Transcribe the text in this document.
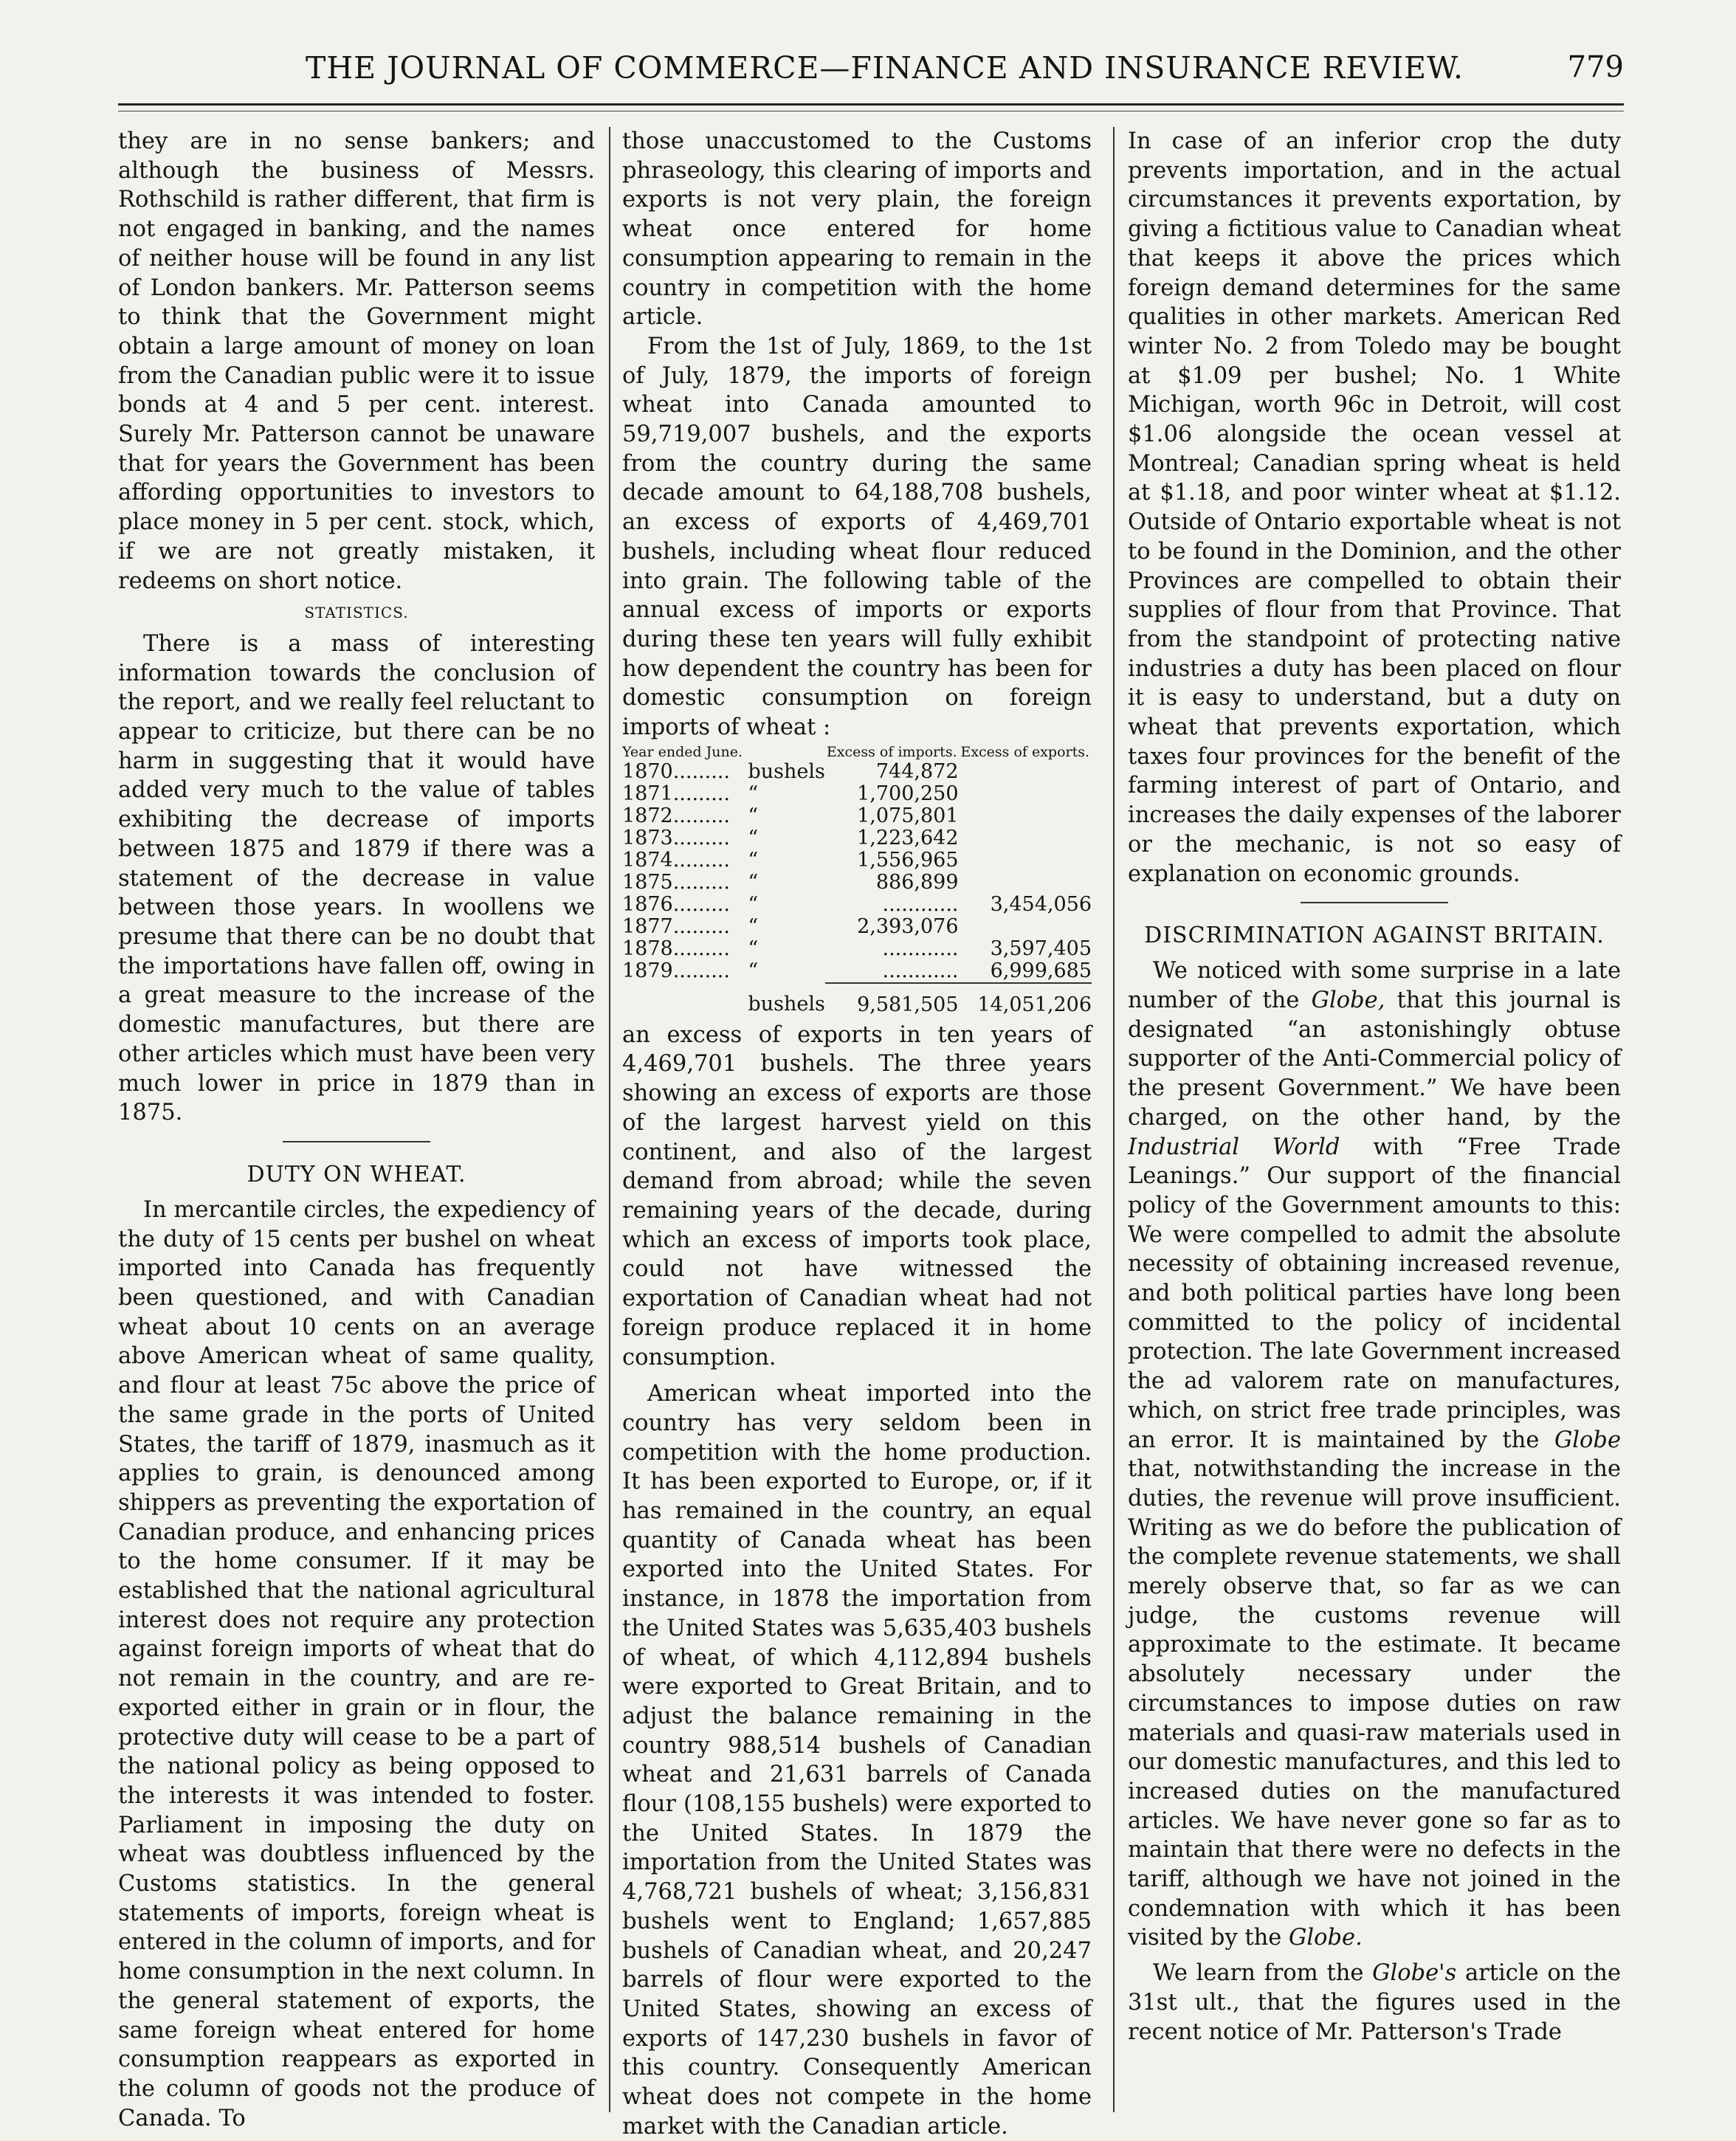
THE JOURNAL OF COMMERCE—FINANCE AND INSURANCE REVIEW.	779

they are in no sense bankers; and although the business of Messrs. Rothschild is rather different, that firm is not engaged in banking, and the names of neither house will be found in any list of London bankers. Mr. Patterson seems to think that the Government might obtain a large amount of money on loan from the Canadian public were it to issue bonds at 4 and 5 per cent. interest. Surely Mr. Patterson cannot be unaware that for years the Government has been affording opportunities to investors to place money in 5 per cent. stock, which, if we are not greatly mistaken, it redeems on short notice.

STATISTICS.

There is a mass of interesting information towards the conclusion of the report, and we really feel reluctant to appear to criticize, but there can be no harm in suggesting that it would have added very much to the value of tables exhibiting the decrease of imports between 1875 and 1879 if there was a statement of the decrease in value between those years. In woollens we presume that there can be no doubt that the importations have fallen off, owing in a great measure to the increase of the domestic manufactures, but there are other articles which must have been very much lower in price in 1879 than in 1875.

DUTY ON WHEAT.

In mercantile circles, the expediency of the duty of 15 cents per bushel on wheat imported into Canada has frequently been questioned, and with Canadian wheat about 10 cents on an average above American wheat of same quality, and flour at least 75c above the price of the same grade in the ports of United States, the tariff of 1879, inasmuch as it applies to grain, is denounced among shippers as preventing the exportation of Canadian produce, and enhancing prices to the home consumer. If it may be established that the national agricultural interest does not require any protection against foreign imports of wheat that do not remain in the country, and are re-exported either in grain or in flour, the protective duty will cease to be a part of the national policy as being opposed to the interests it was intended to foster. Parliament in imposing the duty on wheat was doubtless influenced by the Customs statistics. In the general statements of imports, foreign wheat is entered in the column of imports, and for home consumption in the next column. In the general statement of exports, the same foreign wheat entered for home consumption reappears as exported in the column of goods not the produce of Canada. To

those unaccustomed to the Customs phraseology, this clearing of imports and exports is not very plain, the foreign wheat once entered for home consumption appearing to remain in the country in competition with the home article.

From the 1st of July, 1869, to the 1st of July, 1879, the imports of foreign wheat into Canada amounted to 59,719,007 bushels, and the exports from the country during the same decade amount to 64,188,708 bushels, an excess of exports of 4,469,701 bushels, including wheat flour reduced into grain. The following table of the annual excess of imports or exports during these ten years will fully exhibit how dependent the country has been for domestic consumption on foreign imports of wheat :

Year ended June.		Excess of imports.	Excess of exports.
1870.........	bushels	744,872	
1871.........	“	1,700,250	
1872.........	“	1,075,801	
1873.........	“	1,223,642	
1874.........	“	1,556,965	
1875.........	“	886,899	
1876.........	“	............	3,454,056
1877.........	“	2,393,076	
1878.........	“	............	3,597,405
1879.........	“	............	6,999,685
	bushels	9,581,505	14,051,206

an excess of exports in ten years of 4,469,701 bushels. The three years showing an excess of exports are those of the largest harvest yield on this continent, and also of the largest demand from abroad; while the seven remaining years of the decade, during which an excess of imports took place, could not have witnessed the exportation of Canadian wheat had not foreign produce replaced it in home consumption.

American wheat imported into the country has very seldom been in competition with the home production. It has been exported to Europe, or, if it has remained in the country, an equal quantity of Canada wheat has been exported into the United States. For instance, in 1878 the importation from the United States was 5,635,403 bushels of wheat, of which 4,112,894 bushels were exported to Great Britain, and to adjust the balance remaining in the country 988,514 bushels of Canadian wheat and 21,631 barrels of Canada flour (108,155 bushels) were exported to the United States. In 1879 the importation from the United States was 4,768,721 bushels of wheat; 3,156,831 bushels went to England; 1,657,885 bushels of Canadian wheat, and 20,247 barrels of flour were exported to the United States, showing an excess of exports of 147,230 bushels in favor of this country. Consequently American wheat does not compete in the home market with the Canadian article.

In case of an inferior crop the duty prevents importation, and in the actual circumstances it prevents exportation, by giving a fictitious value to Canadian wheat that keeps it above the prices which foreign demand determines for the same qualities in other markets. American Red winter No. 2 from Toledo may be bought at $1.09 per bushel; No. 1 White Michigan, worth 96c in Detroit, will cost $1.06 alongside the ocean vessel at Montreal; Canadian spring wheat is held at $1.18, and poor winter wheat at $1.12. Outside of Ontario exportable wheat is not to be found in the Dominion, and the other Provinces are compelled to obtain their supplies of flour from that Province. That from the standpoint of protecting native industries a duty has been placed on flour it is easy to understand, but a duty on wheat that prevents exportation, which taxes four provinces for the benefit of the farming interest of part of Ontario, and increases the daily expenses of the laborer or the mechanic, is not so easy of explanation on economic grounds.

DISCRIMINATION AGAINST BRITAIN.

We noticed with some surprise in a late number of the Globe, that this journal is designated “an astonishingly obtuse supporter of the Anti-Commercial policy of the present Government.” We have been charged, on the other hand, by the Industrial World with “Free Trade Leanings.” Our support of the financial policy of the Government amounts to this: We were compelled to admit the absolute necessity of obtaining increased revenue, and both political parties have long been committed to the policy of incidental protection. The late Government increased the ad valorem rate on manufactures, which, on strict free trade principles, was an error. It is maintained by the Globe that, notwithstanding the increase in the duties, the revenue will prove insufficient. Writing as we do before the publication of the complete revenue statements, we shall merely observe that, so far as we can judge, the customs revenue will approximate to the estimate. It became absolutely necessary under the circumstances to impose duties on raw materials and quasi-raw materials used in our domestic manufactures, and this led to increased duties on the manufactured articles. We have never gone so far as to maintain that there were no defects in the tariff, although we have not joined in the condemnation with which it has been visited by the Globe.

We learn from the Globe's article on the 31st ult., that the figures used in the recent notice of Mr. Patterson's Trade
